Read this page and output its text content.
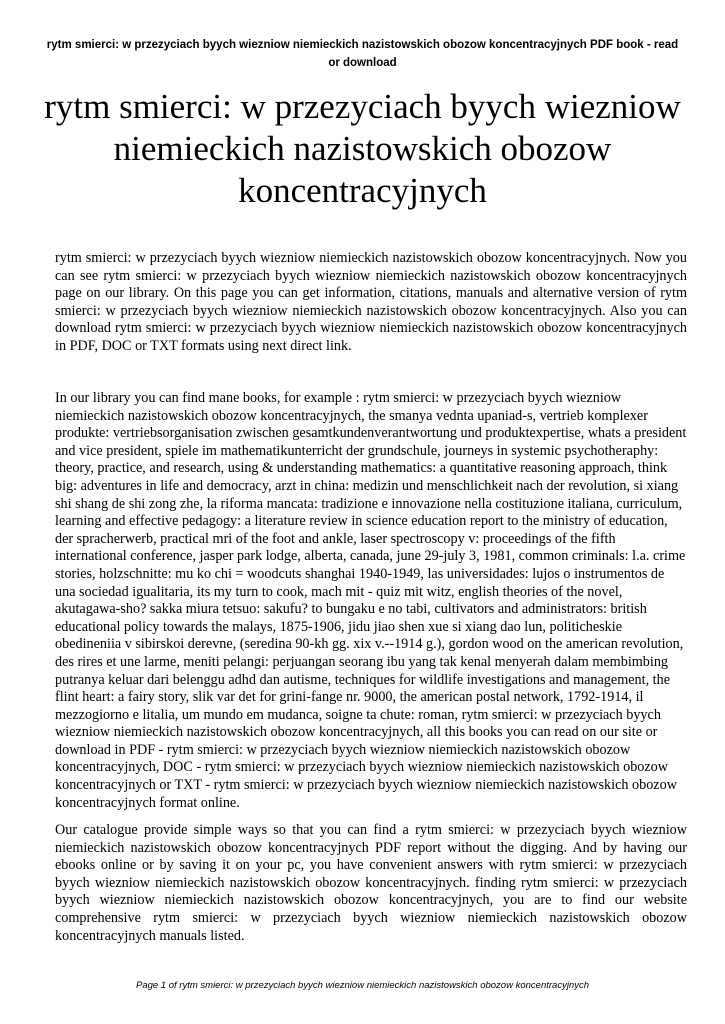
rytm smierci: w przezyciach byych wiezniow niemieckich nazistowskich obozow koncentracyjnych PDF book - read or download
rytm smierci: w przezyciach byych wiezniow niemieckich nazistowskich obozow koncentracyjnych

rytm smierci: w przezyciach byych wiezniow niemieckich nazistowskich obozow koncentracyjnych. Now you can see rytm smierci: w przezyciach byych wiezniow niemieckich nazistowskich obozow koncentracyjnych page on our library. On this page you can get information, citations, manuals and alternative version of rytm smierci: w przezyciach byych wiezniow niemieckich nazistowskich obozow koncentracyjnych. Also you can download rytm smierci: w przezyciach byych wiezniow niemieckich nazistowskich obozow koncentracyjnych in PDF, DOC or TXT formats using next direct link.

In our library you can find mane books, for example : rytm smierci: w przezyciach byych wiezniow niemieckich nazistowskich obozow koncentracyjnych, the smanya vednta upaniad-s, vertrieb komplexer produkte: vertriebsorganisation zwischen gesamtkundenverantwortung und produktexpertise, whats a president and vice president, spiele im mathematikunterricht der grundschule, journeys in systemic psychotheraphy: theory, practice, and research, using & understanding mathematics: a quantitative reasoning approach, think big: adventures in life and democracy, arzt in china: medizin und menschlichkeit nach der revolution, si xiang shi shang de shi zong zhe, la riforma mancata: tradizione e innovazione nella costituzione italiana, curriculum, learning and effective pedagogy: a literature review in science education report to the ministry of education, der spracherwerb, practical mri of the foot and ankle, laser spectroscopy v: proceedings of the fifth international conference, jasper park lodge, alberta, canada, june 29-july 3, 1981, common criminals: l.a. crime stories, holzschnitte: mu ko chi = woodcuts shanghai 1940-1949, las universidades: lujos o instrumentos de una sociedad igualitaria, its my turn to cook, mach mit - quiz mit witz, english theories of the novel, akutagawa-sho? sakka miura tetsuo: sakufu? to bungaku e no tabi, cultivators and administrators: british educational policy towards the malays, 1875-1906, jidu jiao shen xue si xiang dao lun, politicheskie obedineniia v sibirskoi derevne, (seredina 90-kh gg. xix v.--1914 g.), gordon wood on the american revolution, des rires et une larme, meniti pelangi: perjuangan seorang ibu yang tak kenal menyerah dalam membimbing putranya keluar dari belenggu adhd dan autisme, techniques for wildlife investigations and management, the flint heart: a fairy story, slik var det for grini-fange nr. 9000, the american postal network, 1792-1914, il mezzogiorno e litalia, um mundo em mudanca, soigne ta chute: roman, rytm smierci: w przezyciach byych wiezniow niemieckich nazistowskich obozow koncentracyjnych, all this books you can read on our site or download in PDF - rytm smierci: w przezyciach byych wiezniow niemieckich nazistowskich obozow koncentracyjnych, DOC - rytm smierci: w przezyciach byych wiezniow niemieckich nazistowskich obozow koncentracyjnych or TXT - rytm smierci: w przezyciach byych wiezniow niemieckich nazistowskich obozow koncentracyjnych format online.

Our catalogue provide simple ways so that you can find a rytm smierci: w przezyciach byych wiezniow niemieckich nazistowskich obozow koncentracyjnych PDF report without the digging. And by having our ebooks online or by saving it on your pc, you have convenient answers with rytm smierci: w przezyciach byych wiezniow niemieckich nazistowskich obozow koncentracyjnych. finding rytm smierci: w przezyciach byych wiezniow niemieckich nazistowskich obozow koncentracyjnych, you are to find our website comprehensive rytm smierci: w przezyciach byych wiezniow niemieckich nazistowskich obozow koncentracyjnych manuals listed.

Page 1 of rytm smierci: w przezyciach byych wiezniow niemieckich nazistowskich obozow koncentracyjnych
